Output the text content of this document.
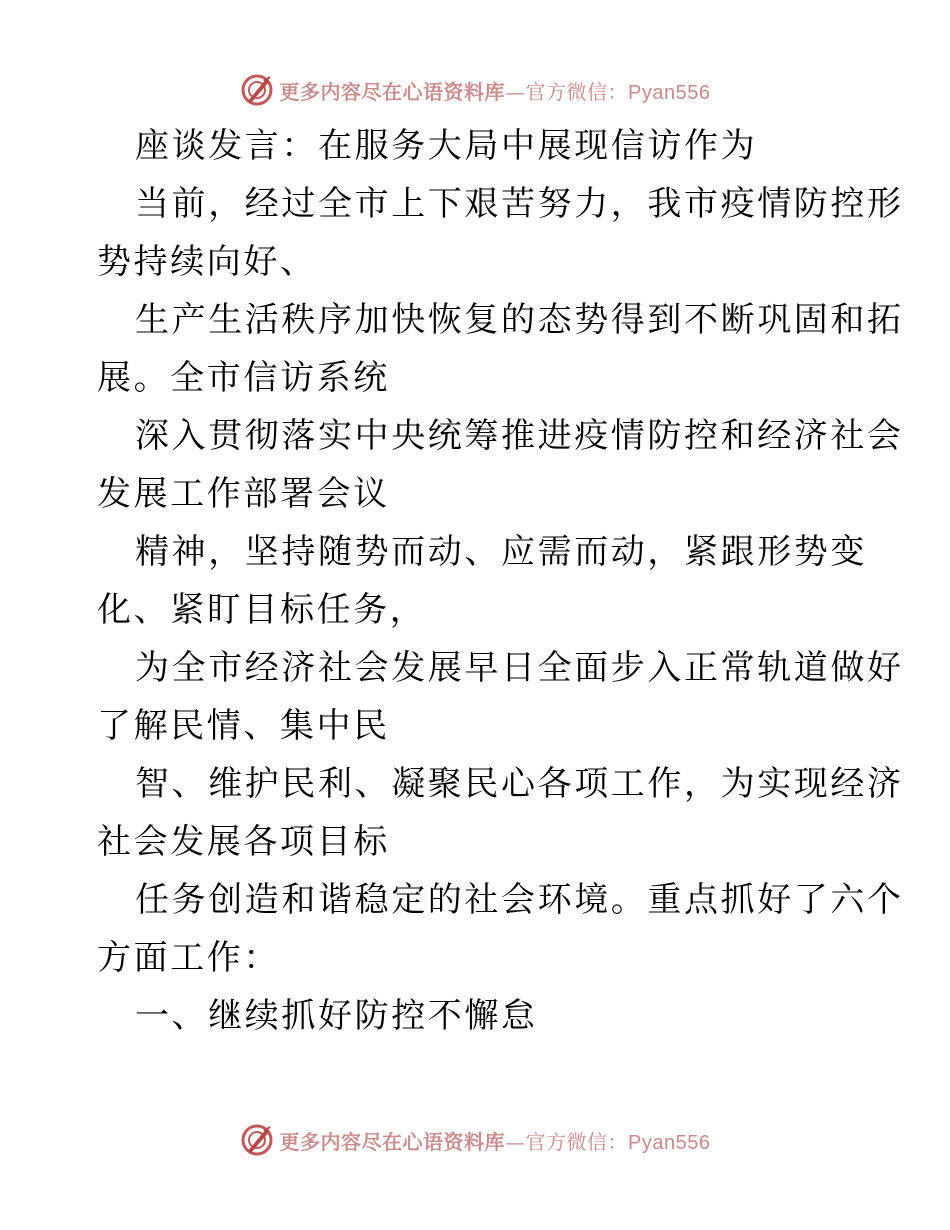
更多内容尽在心语资料库—官方微信：Pyan556
座谈发言：在服务大局中展现信访作为
当前，经过全市上下艰苦努力，我市疫情防控形
势持续向好、
生产生活秩序加快恢复的态势得到不断巩固和拓
展。全市信访系统
深入贯彻落实中央统筹推进疫情防控和经济社会
发展工作部署会议
精神，坚持随势而动、应需而动，紧跟形势变
化、紧盯目标任务，
为全市经济社会发展早日全面步入正常轨道做好
了解民情、集中民
智、维护民利、凝聚民心各项工作，为实现经济
社会发展各项目标
任务创造和谐稳定的社会环境。重点抓好了六个
方面工作：
一、继续抓好防控不懈怠
更多内容尽在心语资料库—官方微信：Pyan556
